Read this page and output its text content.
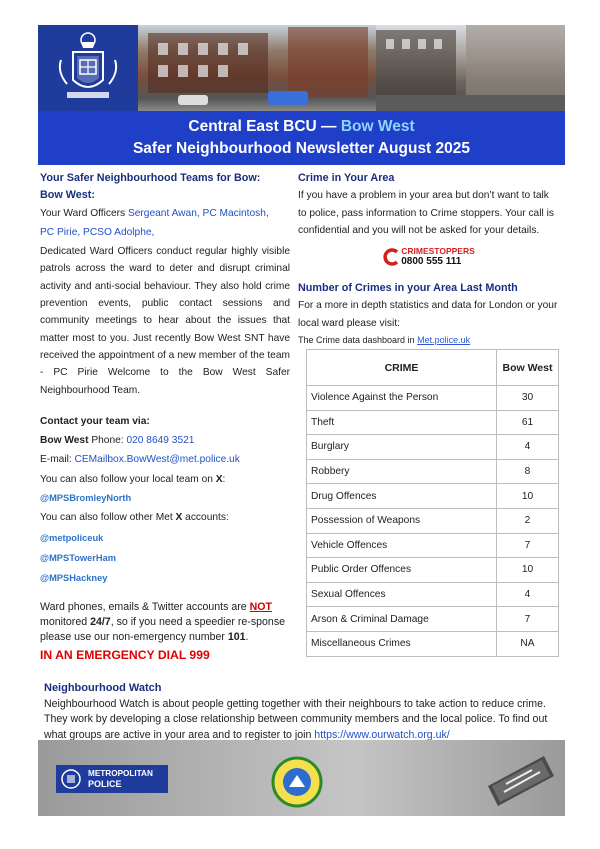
Central East BCU — Bow West
Safer Neighbourhood Newsletter August 2025
Your Safer Neighbourhood Teams for Bow:
Bow West:
Your Ward Officers Sergeant Awan, PC Macintosh,
PC Pirie, PCSO Adolphe,

Dedicated Ward Officers conduct regular highly visible patrols across the ward to deter and disrupt criminal activity and anti-social behaviour. They also hold crime prevention events, public contact sessions and community meetings to hear about the issues that matter most to you. Just recently Bow West SNT have received the appointment of a new member of the team - PC Pirie Welcome to the Bow West Safer Neighbourhood Team.

Contact your team via:
Bow West Phone: 020 8649 3521
E-mail: CEMailbox.BowWest@met.police.uk
You can also follow your local team on X:
@MPSBromleyNorth
You can also follow other Met X accounts:
@metpoliceuk
@MPSTowerHam
@MPSHackney

Ward phones, emails & Twitter accounts are NOT monitored 24/7, so if you need a speedier re-sponse please use our non-emergency number 101.

IN AN EMERGENCY DIAL 999
Crime in Your Area

If you have a problem in your area but don’t want to talk to police, pass information to Crime stoppers. Your call is confidential and you will not be asked for your details.

CRIMESTOPPERS
0800 555 111
Number of Crimes in your Area Last Month

For a more in depth statistics and data for London or your local ward please visit:

The Crime data dashboard in Met.police.uk
CRIME	Bow West
Violence Against the Person	30
Theft	61
Burglary	4
Robbery	8
Drug Offences	10
Possession of Weapons	2
Vehicle Offences	7
Public Order Offences	10
Sexual Offences	4
Arson & Criminal Damage	7
Miscellaneous Crimes	NA
Neighbourhood Watch

Neighbourhood Watch is about people getting together with their neighbours to take action to reduce crime. They work by developing a close relationship between community members and the local police. To find out what groups are active in your area and to register to join https://www.ourwatch.org.uk/

METROPOLITAN
POLICE
